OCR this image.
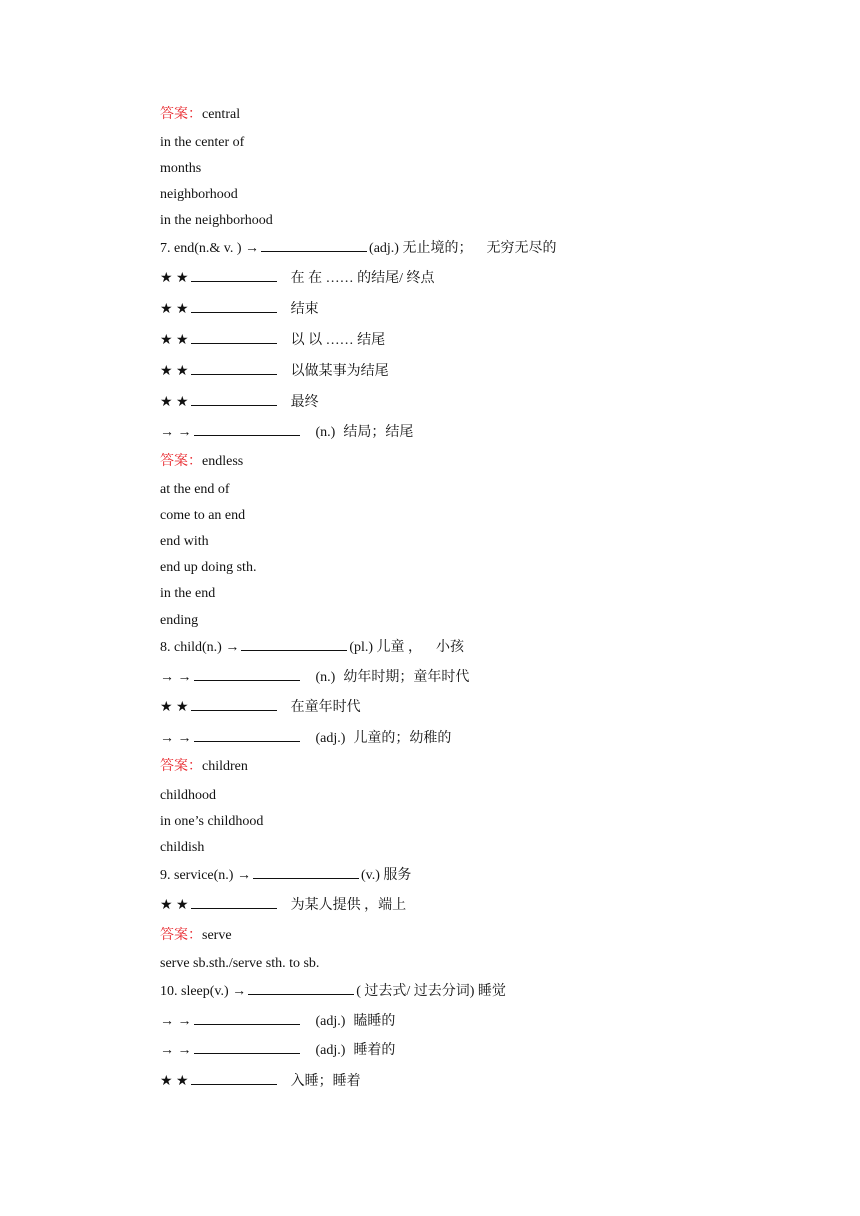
答案：central
in the center of
months
neighborhood
in the neighborhood
7. end(n.& v. ) →	(adj.) 无止境的； 无穷无尽的
★ ★	在 在 …… 的结尾/ 终点
★ ★	结束
★ ★	以 以 …… 结尾
★ ★	以做某事为结尾
★ ★	最终
→ →	(n.) 结局；结尾
答案：endless
at the end of
come to an end
end with
end up doing sth.
in the end
ending
8. child(n.) →	(pl.) 儿童 ， 小孩
→ →	(n.) 幼年时期；童年时代
★ ★	在童年时代
→ →	(adj.) 儿童的；幼稚的
答案：children
childhood
in one’s childhood
childish
9. service(n.) →	(v.) 服务
★ ★	为某人提供 ，端上
答案：serve
serve sb.sth./serve sth. to sb.
10. sleep(v.) →	( 过去式/ 过去分词) 睡觉
→ →	(adj.) 瞌睡的
→ →	(adj.) 睡着的
★ ★	入睡；睡着
